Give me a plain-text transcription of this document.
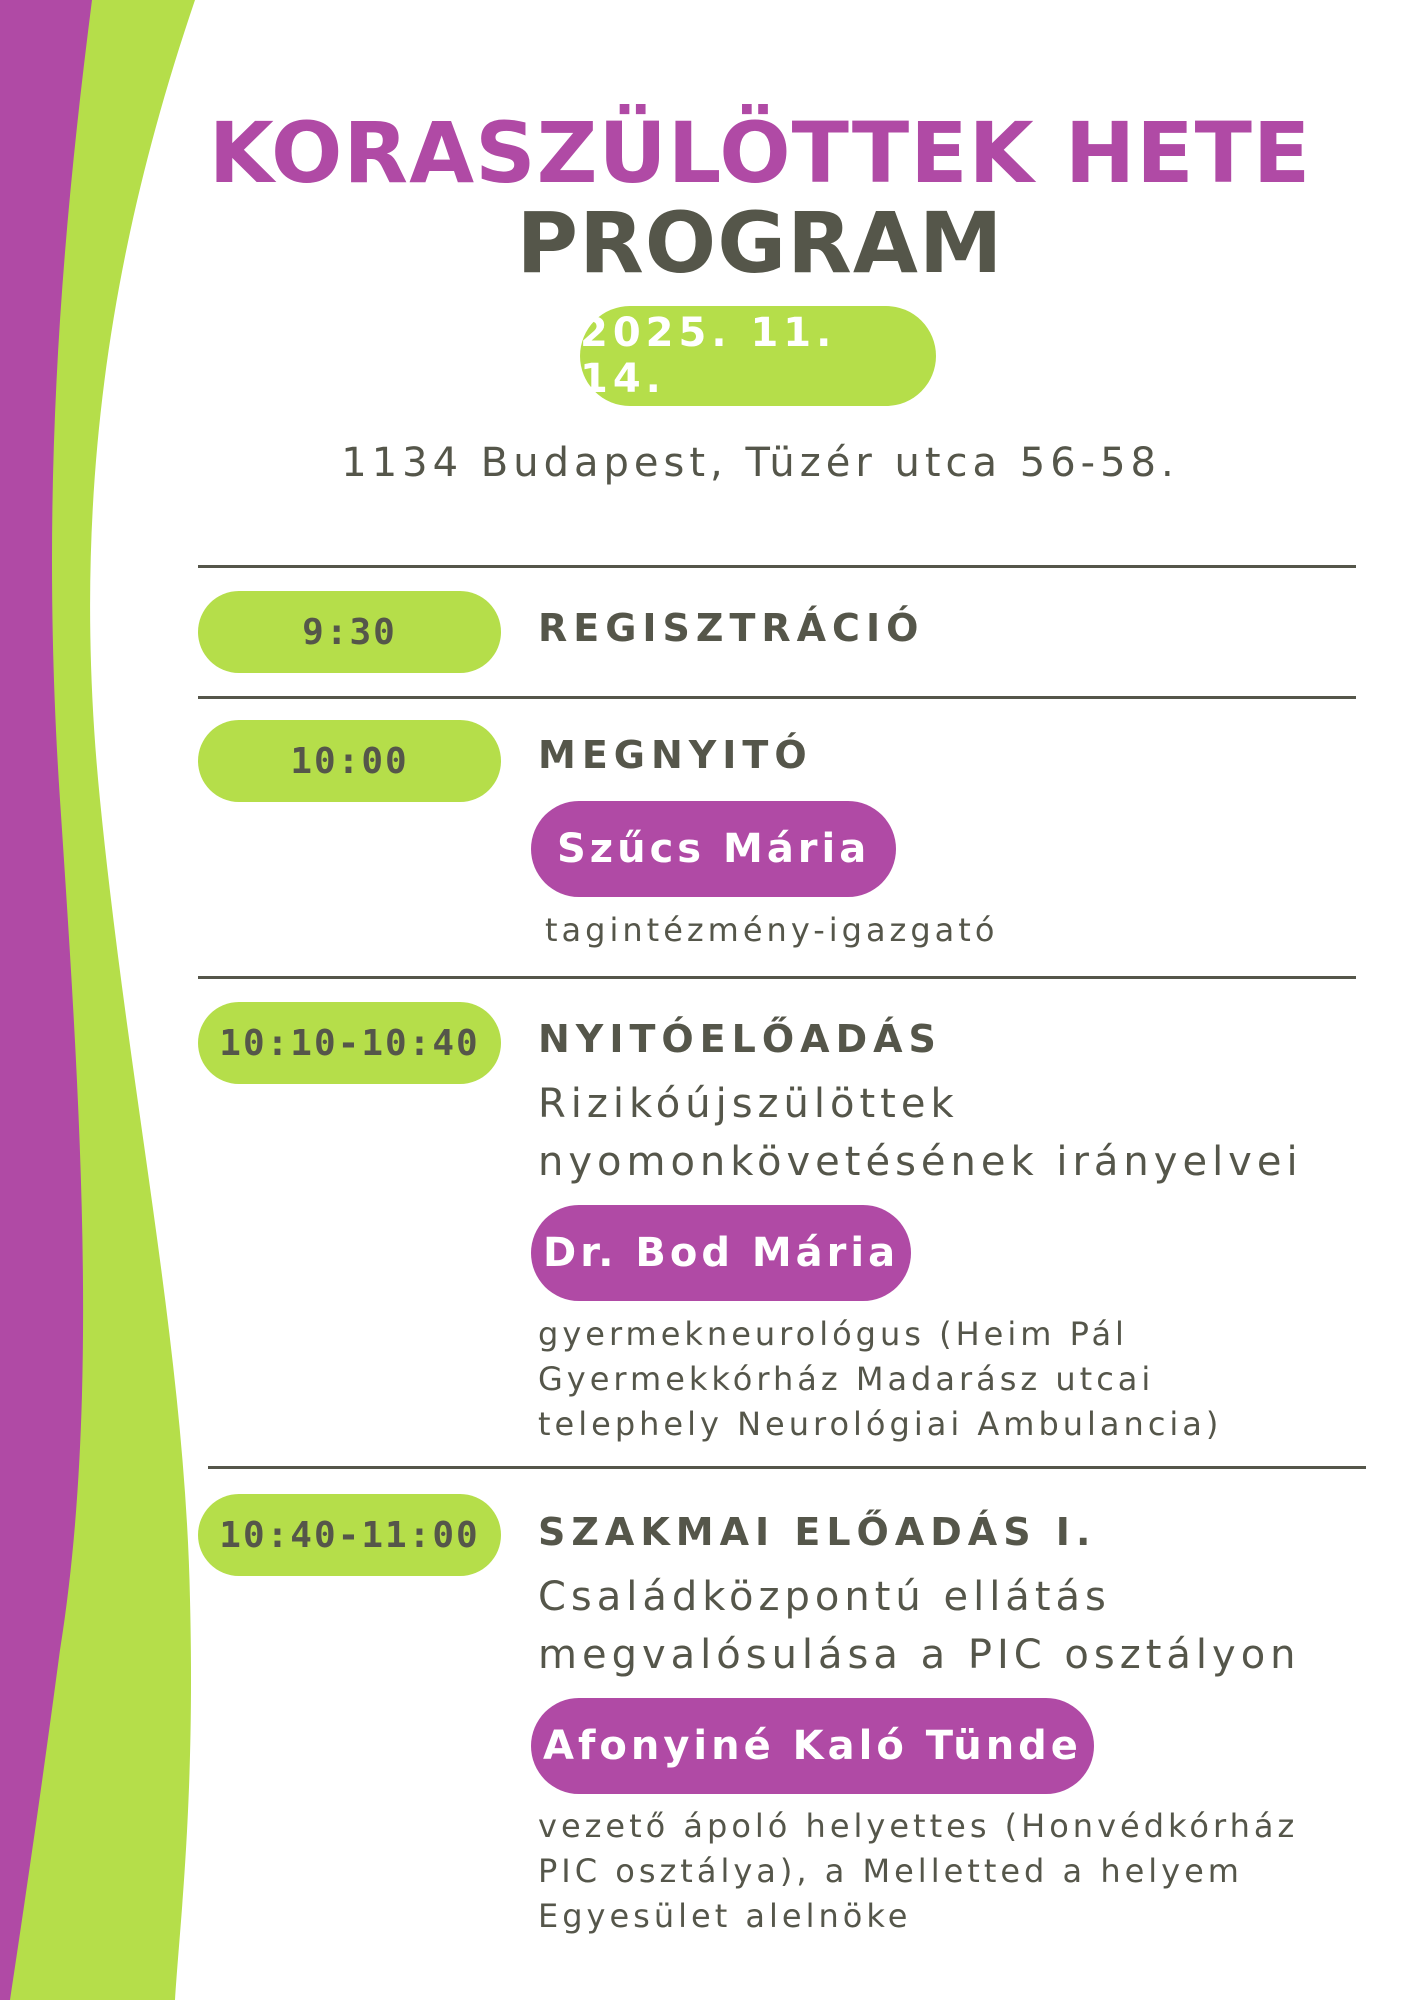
KORASZÜLÖTTEK HETE
PROGRAM
2025. 11. 14.
1134 Budapest, Tüzér utca 56-58.
9:30	REGISZTRÁCIÓ
10:00	MEGNYITÓ
Szűcs Mária
tagintézmény-igazgató
10:10-10:40	NYITÓELŐADÁS
Rizikóújszülöttek
nyomonkövetésének irányelvei
Dr. Bod Mária
gyermekneurológus (Heim Pál
Gyermekkórház Madarász utcai
telephely Neurológiai Ambulancia)
10:40-11:00	SZAKMAI ELŐADÁS I.
Családközpontú ellátás
megvalósulása a PIC osztályon
Afonyiné Kaló Tünde
vezető ápoló helyettes (Honvédkórház
PIC osztálya), a Melletted a helyem
Egyesület alelnöke
